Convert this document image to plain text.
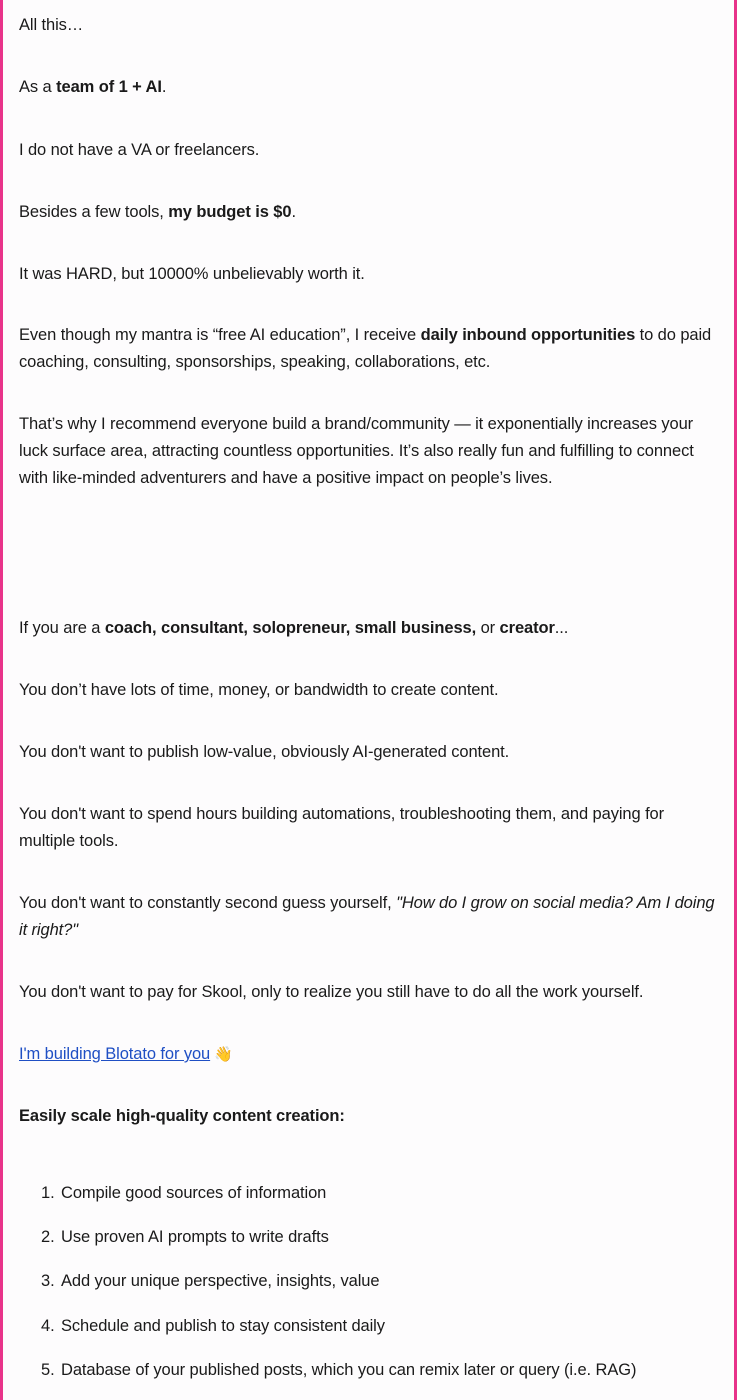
All this…

As a team of 1 + AI.

I do not have a VA or freelancers.

Besides a few tools, my budget is $0.

It was HARD, but 10000% unbelievably worth it.

Even though my mantra is “free AI education”, I receive daily inbound opportunities to do paid coaching, consulting, sponsorships, speaking, collaborations, etc.

That’s why I recommend everyone build a brand/community — it exponentially increases your luck surface area, attracting countless opportunities. It’s also really fun and fulfilling to connect with like-minded adventurers and have a positive impact on people’s lives.

If you are a coach, consultant, solopreneur, small business, or creator...

You don’t have lots of time, money, or bandwidth to create content.

You don't want to publish low-value, obviously AI-generated content.

You don't want to spend hours building automations, troubleshooting them, and paying for multiple tools.

You don't want to constantly second guess yourself, "How do I grow on social media? Am I doing it right?"

You don't want to pay for Skool, only to realize you still have to do all the work yourself.

I'm building Blotato for you 👋

Easily scale high-quality content creation:

1. Compile good sources of information
2. Use proven AI prompts to write drafts
3. Add your unique perspective, insights, value
4. Schedule and publish to stay consistent daily
5. Database of your published posts, which you can remix later or query (i.e. RAG)
